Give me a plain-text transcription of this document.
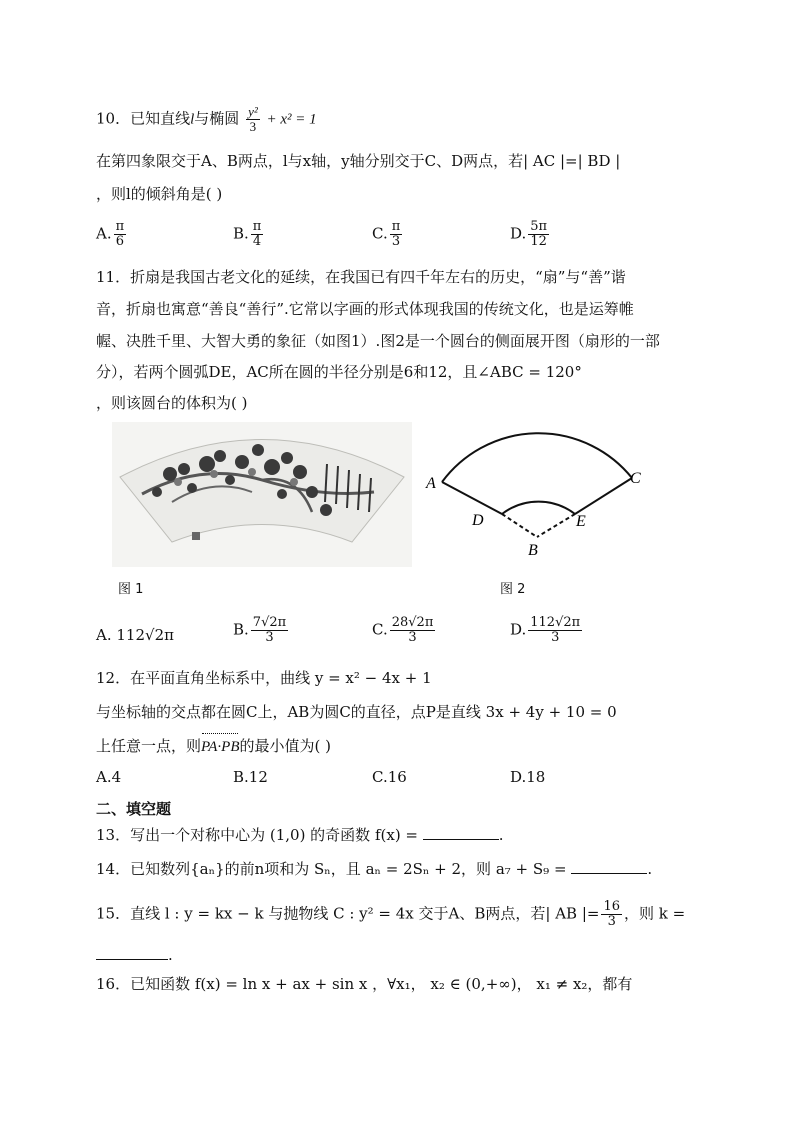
10．已知直线l与椭圆 $\frac{\text{y²}}{3} + x^2 = 1$
在第四象限交于A、B两点，l与x轴，y轴分别交于C、D两点，若| AC |=| BD |
，则l的倾斜角是( )
A. $\frac{\pi}{6}$	B. $\frac{\pi}{4}$	C. $\frac{\pi}{3}$	D. $\frac{5\pi}{12}$
11．折扇是我国古老文化的延续，在我国已有四千年左右的历史，“扇”与“善”谐
音，折扇也寓意“善良“善行”.它常以字画的形式体现我国的传统文化，也是运筹帷
幄、决胜千里、大智大勇的象征（如图1）.图2是一个圆台的侧面展开图（扇形的一部
分），若两个圆弧DE，AC所在圆的半径分别是6和12，且∠ABC = 120°
，则该圆台的体积为( )
图 1
A	C
D	E
B
图 2
A. 112√2π	B. $\frac{7√2\pi}{3}$	C. $\frac{28√2\pi}{3}$	D. $\frac{112√2\pi}{3}$
12．在平面直角坐标系中，曲线 y = x² − 4x + 1
与坐标轴的交点都在圆C上，AB为圆C的直径，点P是直线 3x + 4y + 10 = 0
上任意一点，则PA·PB的最小值为( )
A.4	B.12	C.16	D.18
二、填空题
13．写出一个对称中心为 (1,0) 的奇函数 f(x) =	.
14．已知数列{aₙ}的前n项和为 Sₙ，且 aₙ = 2Sₙ + 2，则 a₇ + S₉ =	.
15．直线 l : y = kx − k 与抛物线 C : y² = 4x 交于A、B两点，若| AB |= $\frac{16}{3}$ ，则 k =
.
16．已知函数 f(x) = ln x + ax + sin x ，∀x₁， x₂ ∈ (0,+∞)， x₁ ≠ x₂，都有
